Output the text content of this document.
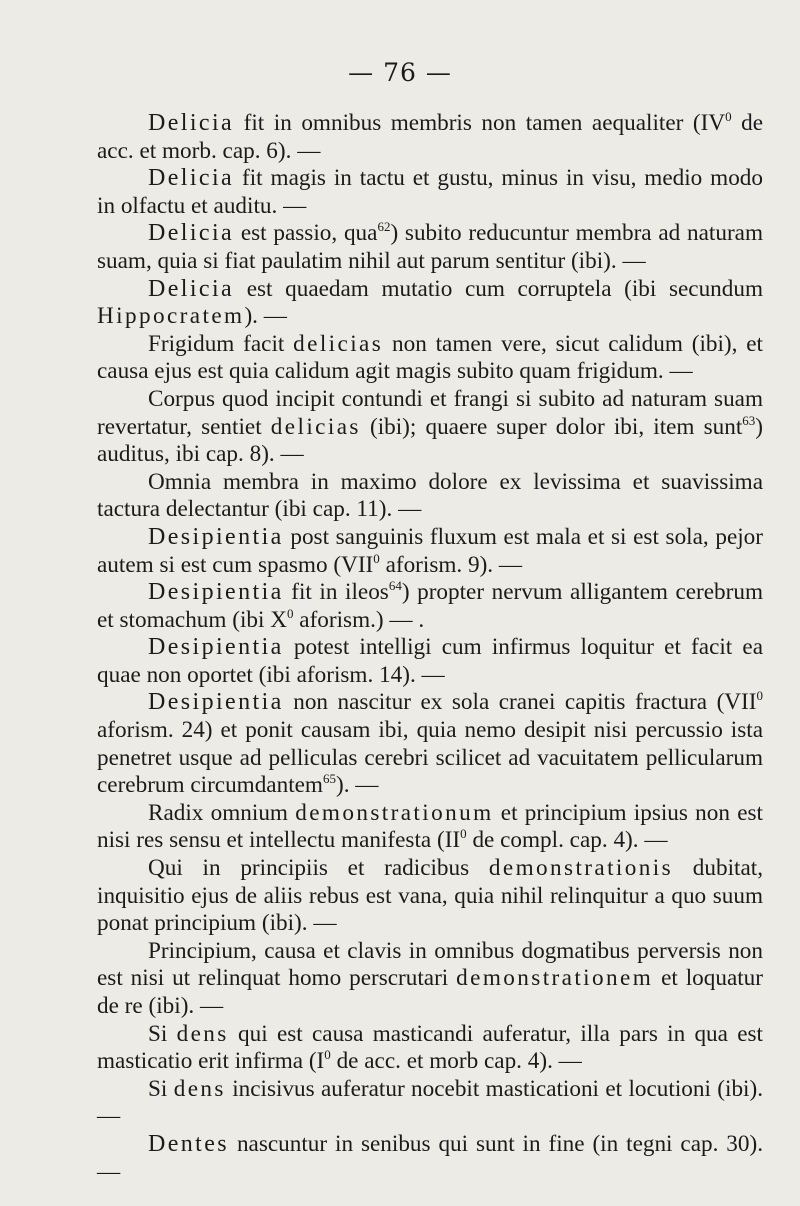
— 76 —

Delicia fit in omnibus membris non tamen aequaliter ($IV^0$ de acc. et morb. cap. 6). —

Delicia fit magis in tactu et gustu, minus in visu, medio modo in olfactu et auditu. —

Delicia est passio, qua$^{62}$) subito reducuntur membra ad naturam suam, quia si fiat paulatim nihil aut parum sentitur (ibi). —

Delicia est quaedam mutatio cum corruptela (ibi secundum Hippocratem). —

Frigidum facit delicias non tamen vere, sicut calidum (ibi), et causa ejus est quia calidum agit magis subito quam frigidum. —

Corpus quod incipit contundi et frangi si subito ad naturam suam revertatur, sentiet delicias (ibi); quaere super dolor ibi, item sunt$^{63}$) auditus, ibi cap. 8). —

Omnia membra in maximo dolore ex levissima et suavissima tactura delectantur (ibi cap. 11). —

Desipientia post sanguinis fluxum est mala et si est sola, pejor autem si est cum spasmo (VII$^0$ aforism. 9). —

Desipientia fit in ileos$^{64}$) propter nervum alligantem cerebrum et stomachum (ibi $X^0$ aforism.) — .

Desipientia potest intelligi cum infirmus loquitur et facit ea quae non oportet (ibi aforism. 14). —

Desipientia non nascitur ex sola cranei capitis fractura (VII$^0$ aforism. 24) et ponit causam ibi, quia nemo desipit nisi percussio ista penetret usque ad pelliculas cerebri scilicet ad vacuitatem pellicularum cerebrum circumdantem$^{65}$). —

Radix omnium demonstrationum et principium ipsius non est nisi res sensu et intellectu manifesta ($II^0$ de compl. cap. 4). —

Qui in principiis et radicibus demonstrationis dubitat, inquisitio ejus de aliis rebus est vana, quia nihil relinquitur a quo suum ponat principium (ibi). —

Principium, causa et clavis in omnibus dogmatibus perversis non est nisi ut relinquat homo perscrutari demonstrationem et loquatur de re (ibi). —

Si dens qui est causa masticandi auferatur, illa pars in qua est masticatio erit infirma ($I^0$ de acc. et morb cap. 4). —

Si dens incisivus auferatur nocebit masticationi et locutioni (ibi). —

Dentes nascuntur in senibus qui sunt in fine (in tegni cap. 30). —
